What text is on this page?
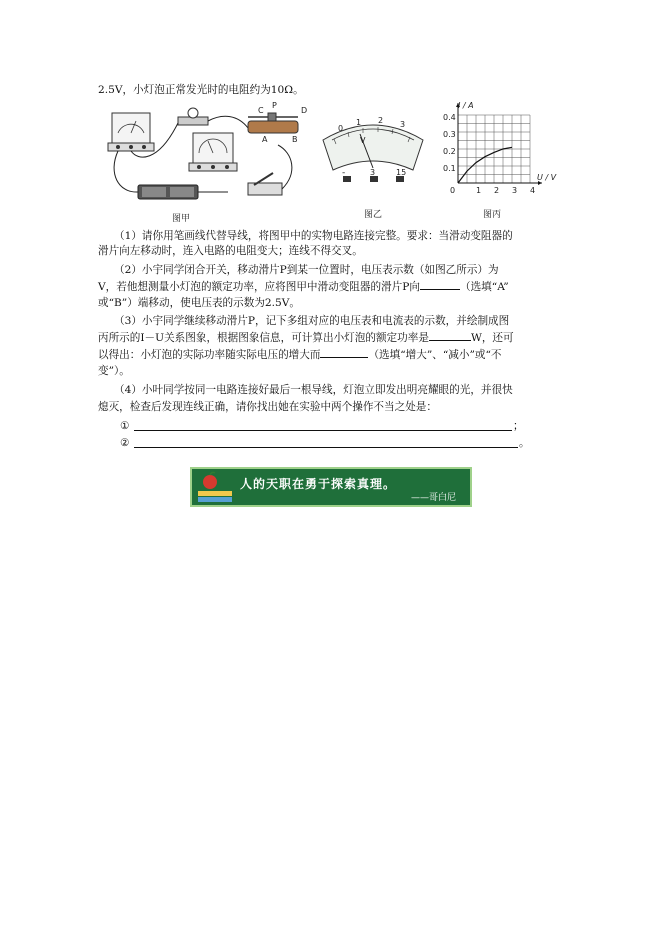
2.5V，小灯泡正常发光时的电阻约为10Ω。
C
P
D
A	B
图甲
0
1 2 3
V
-	3	15
图乙
I / A
U / V
0.4
0.3
0.2
0.1
0	1 2 3 4
图丙
（1）请你用笔画线代替导线，将图甲中的实物电路连接完整。要求：当滑动变阻器的
滑片向左移动时，连入电路的电阻变大；连线不得交叉。
（2）小宇同学闭合开关，移动滑片P到某一位置时，电压表示数（如图乙所示）为
V，若他想测量小灯泡的额定功率，应将图甲中滑动变阻器的滑片P向	（选填“A”
或“B”）端移动，使电压表的示数为2.5V。
（3）小宇同学继续移动滑片P，记下多组对应的电压表和电流表的示数，并绘制成图
丙所示的I－U关系图象，根据图象信息，可计算出小灯泡的额定功率是	W，还可
以得出：小灯泡的实际功率随实际电压的增大而	（选填“增大”、“减小”或“不
变”）。
（4）小叶同学按同一电路连接好最后一根导线，灯泡立即发出明亮耀眼的光，并很快
熄灭，检查后发现连线正确，请你找出她在实验中两个操作不当之处是：
①	；
②	。
人的天职在勇于探索真理。
——哥白尼
